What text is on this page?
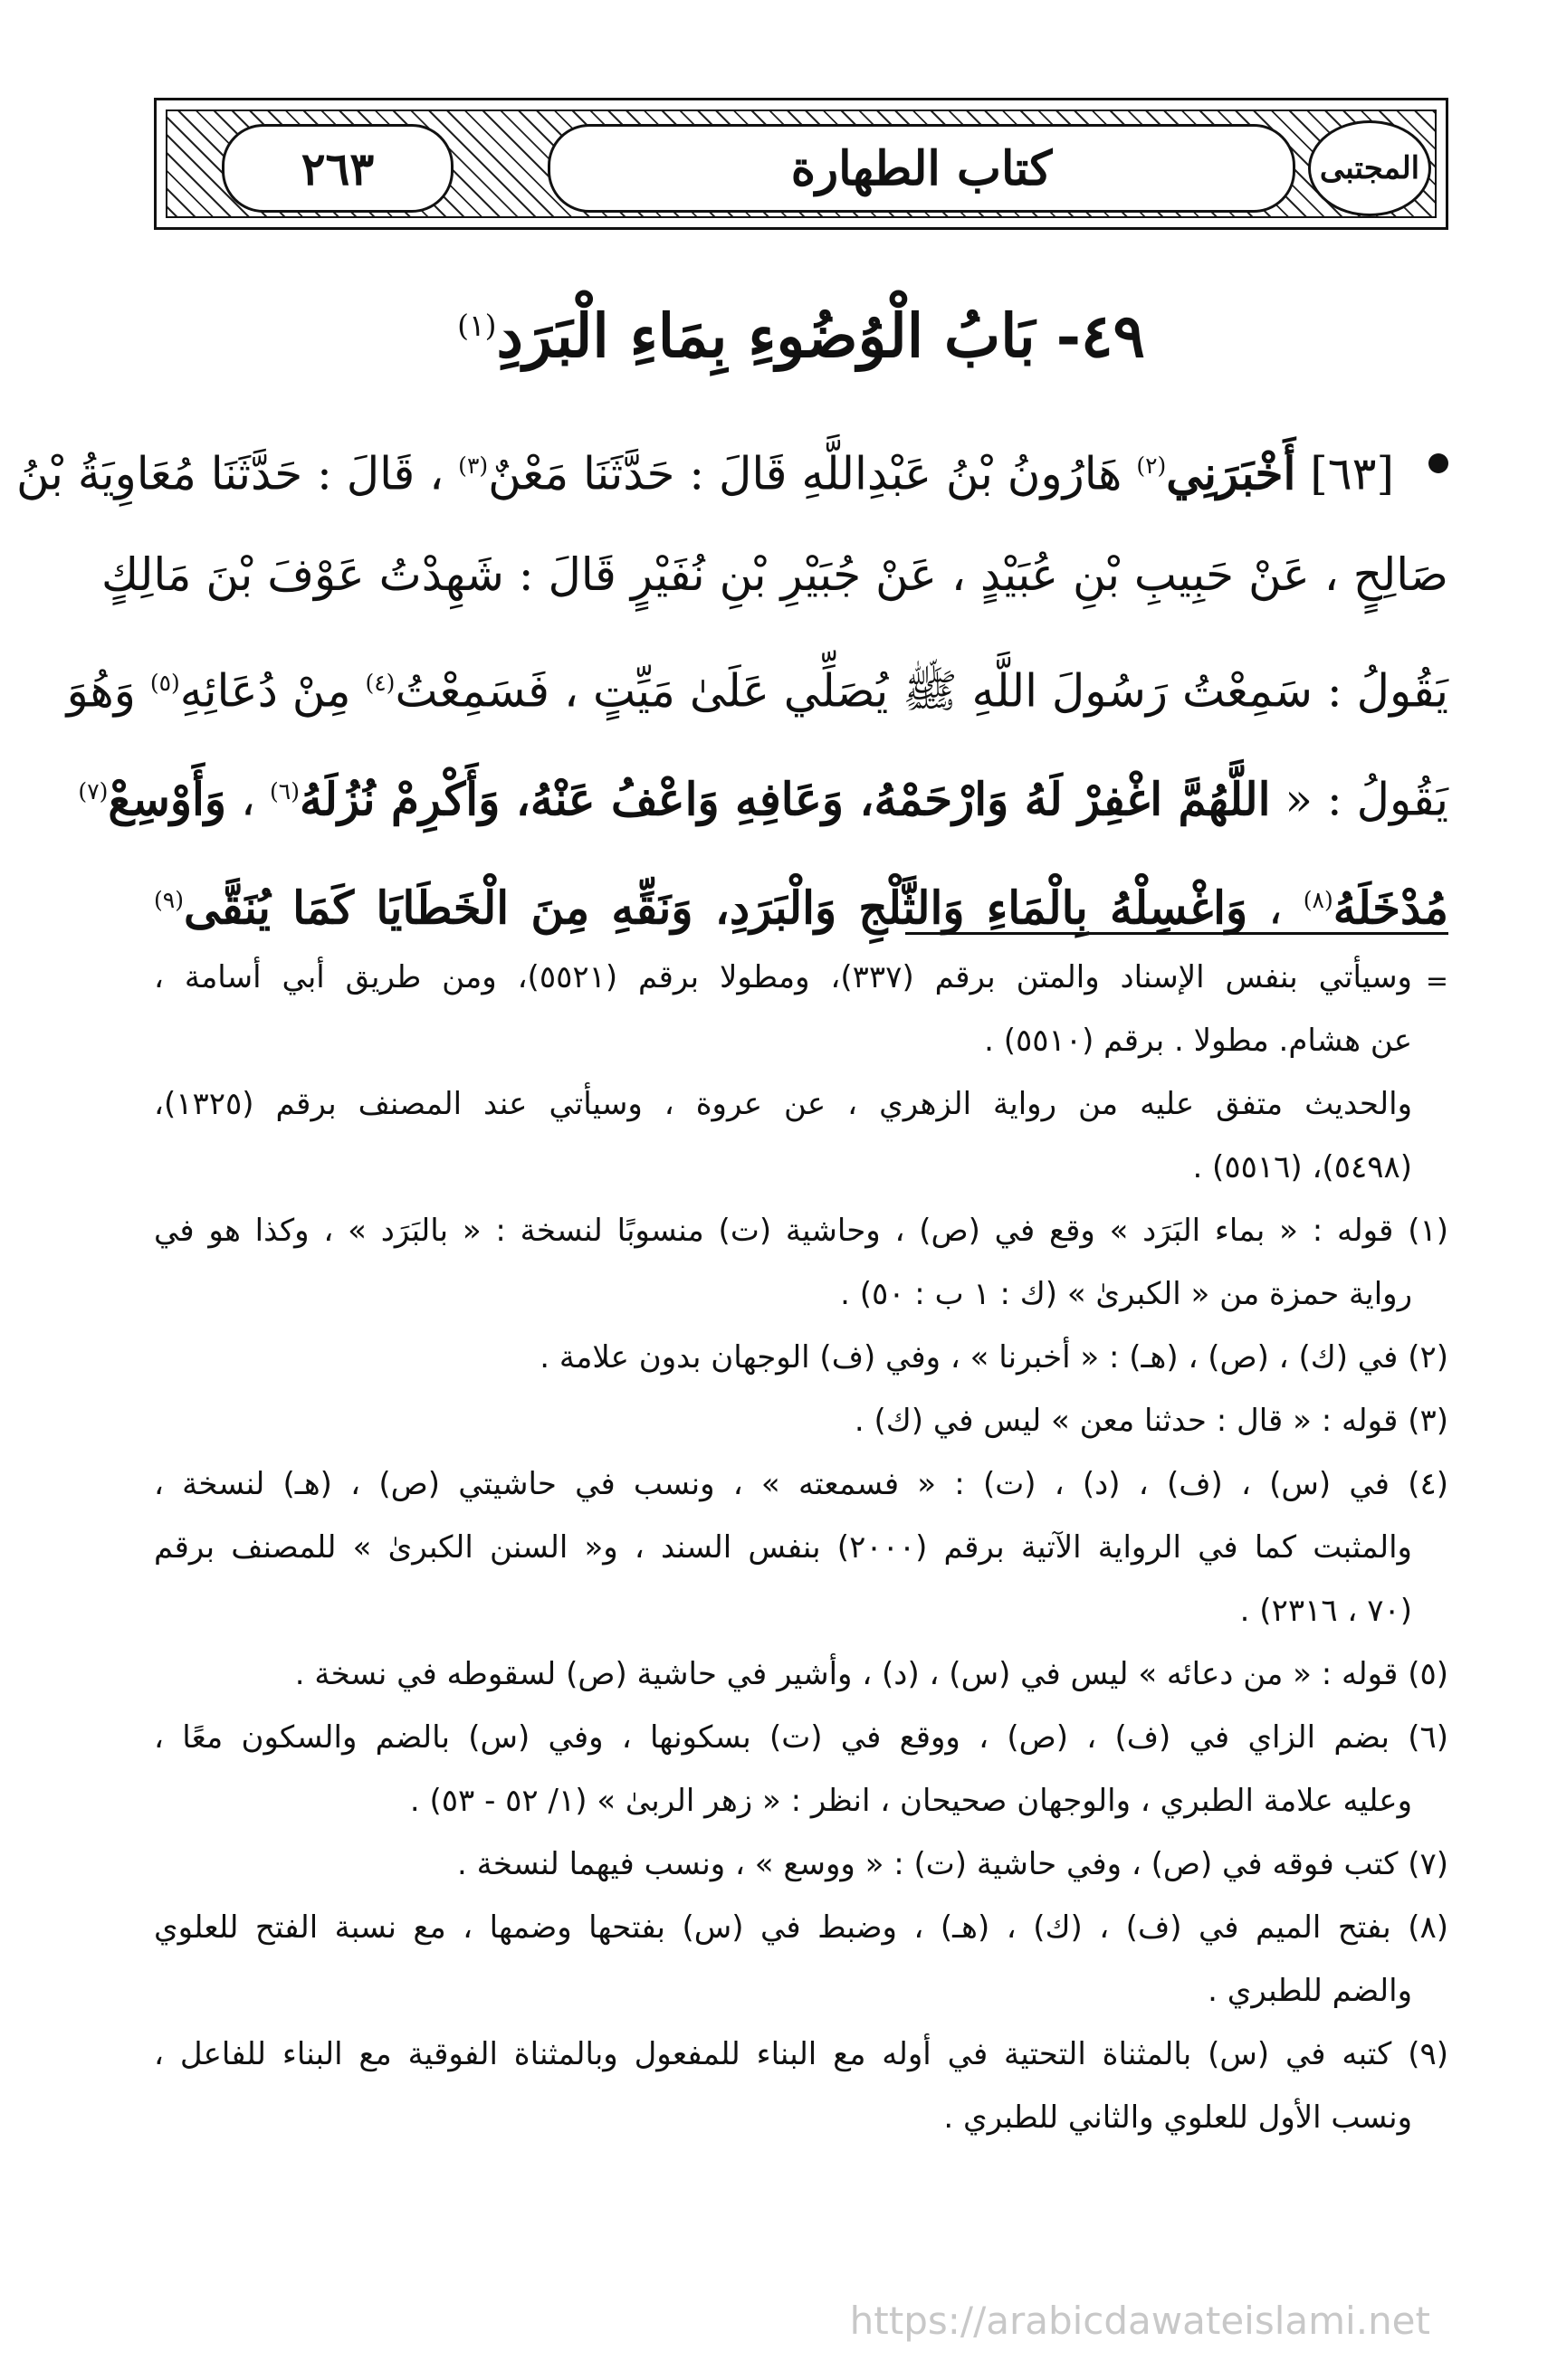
٢٦٣	كتاب الطهارة	المجتبى
٤٩- بَابُ الْوُضُوءِ بِمَاءِ الْبَرَدِ$^{(١)}$
[٦٣] أَخْبَرَنِي$^{(٢)}$ هَارُونُ بْنُ عَبْدِاللَّهِ قَالَ : حَدَّثَنَا مَعْنٌ$^{(٣)}$ ، قَالَ : حَدَّثَنَا مُعَاوِيَةُ بْنُ
صَالِحٍ ، عَنْ حَبِيبِ بْنِ عُبَيْدٍ ، عَنْ جُبَيْرِ بْنِ نُفَيْرٍ قَالَ : شَهِدْتُ عَوْفَ بْنَ مَالِكٍ
يَقُولُ : سَمِعْتُ رَسُولَ اللَّهِ ﷺ يُصَلِّي عَلَىٰ مَيِّتٍ ، فَسَمِعْتُ$^{(٤)}$ مِنْ دُعَائِهِ$^{(٥)}$ وَهُوَ
يَقُولُ : « اللَّهُمَّ اغْفِرْ لَهُ وَارْحَمْهُ، وَعَافِهِ وَاعْفُ عَنْهُ، وَأَكْرِمْ نُزُلَهُ$^{(٦)}$ ، وَأَوْسِعْ$^{(٧)}$
مُدْخَلَهُ$^{(٨)}$ ، وَاغْسِلْهُ بِالْمَاءِ وَالثَّلْجِ وَالْبَرَدِ، وَنَقِّهِ مِنَ الْخَطَايَا كَمَا يُنَقَّى$^{(٩)}$
=
وسيأتي بنفس الإسناد والمتن برقم (٣٣٧)، ومطولا برقم (٥٥٢١)، ومن طريق أبي أسامة ،
عن هشام. مطولا . برقم (٥٥١٠) .
والحديث متفق عليه من رواية الزهري ، عن عروة ، وسيأتي عند المصنف برقم (١٣٢٥)،
(٥٤٩٨)، (٥٥١٦) .
(١) قوله : « بماء البَرَد » وقع في (ص) ، وحاشية (ت) منسوبًا لنسخة : « بالبَرَد » ، وكذا هو في
رواية حمزة من « الكبرىٰ » (ك : ١ ب : ٥٠) .
(٢) في (ك) ، (ص) ، (هـ) : « أخبرنا » ، وفي (ف) الوجهان بدون علامة .
(٣) قوله : « قال : حدثنا معن » ليس في (ك) .
(٤) في (س) ، (ف) ، (د) ، (ت) : « فسمعته » ، ونسب في حاشيتي (ص) ، (هـ) لنسخة ،
والمثبت كما في الرواية الآتية برقم (٢٠٠٠) بنفس السند ، و« السنن الكبرىٰ » للمصنف برقم
(٧٠ ، ٢٣١٦) .
(٥) قوله : « من دعائه » ليس في (س) ، (د) ، وأشير في حاشية (ص) لسقوطه في نسخة .
(٦) بضم الزاي في (ف) ، (ص) ، ووقع في (ت) بسكونها ، وفي (س) بالضم والسكون معًا ،
وعليه علامة الطبري ، والوجهان صحيحان ، انظر : « زهر الربىٰ » (١/ ٥٢ - ٥٣) .
(٧) كتب فوقه في (ص) ، وفي حاشية (ت) : « ووسع » ، ونسب فيهما لنسخة .
(٨) بفتح الميم في (ف) ، (ك) ، (هـ) ، وضبط في (س) بفتحها وضمها ، مع نسبة الفتح للعلوي
والضم للطبري .
(٩) كتبه في (س) بالمثناة التحتية في أوله مع البناء للمفعول وبالمثناة الفوقية مع البناء للفاعل ،
ونسب الأول للعلوي والثاني للطبري .
https://arabicdawateislami.net
